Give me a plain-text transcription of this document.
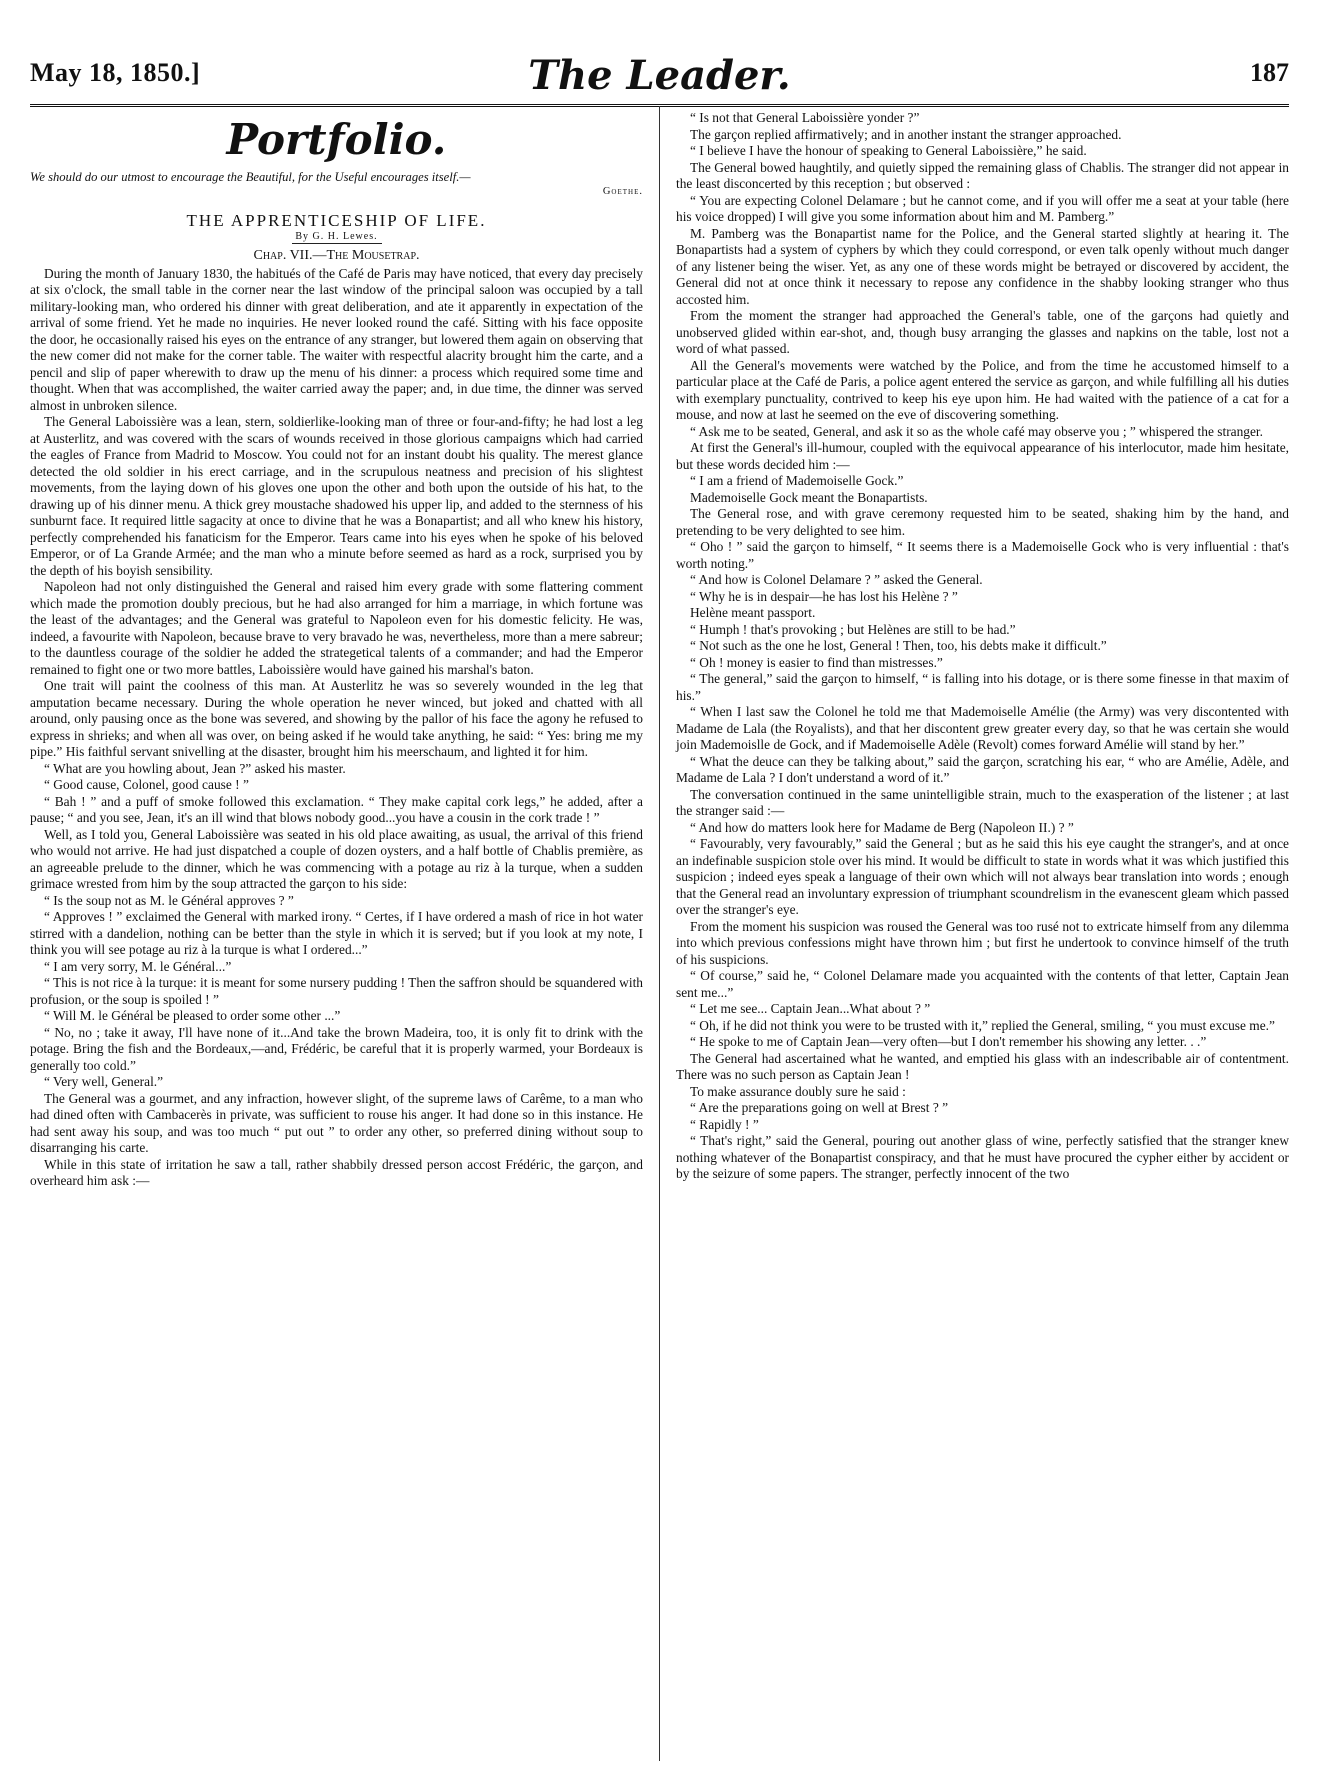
May 18, 1850.]	The Leader.	187
Portfolio.

We should do our utmost to encourage the Beautiful, for the Useful encourages itself.—

Goethe.

THE APPRENTICESHIP OF LIFE.

By G. H. Lewes.

Chap. VII.—The Mousetrap.

During the month of January 1830, the habitués of the Café de Paris may have noticed, that every day precisely at six o'clock, the small table in the corner near the last window of the principal saloon was occupied by a tall military-looking man, who ordered his dinner with great deliberation, and ate it apparently in expectation of the arrival of some friend. Yet he made no inquiries. He never looked round the café. Sitting with his face opposite the door, he occasionally raised his eyes on the entrance of any stranger, but lowered them again on observing that the new comer did not make for the corner table. The waiter with respectful alacrity brought him the carte, and a pencil and slip of paper wherewith to draw up the menu of his dinner: a process which required some time and thought. When that was accomplished, the waiter carried away the paper; and, in due time, the dinner was served almost in unbroken silence.

The General Laboissière was a lean, stern, soldierlike-looking man of three or four-and-fifty; he had lost a leg at Austerlitz, and was covered with the scars of wounds received in those glorious campaigns which had carried the eagles of France from Madrid to Moscow. You could not for an instant doubt his quality. The merest glance detected the old soldier in his erect carriage, and in the scrupulous neatness and precision of his slightest movements, from the laying down of his gloves one upon the other and both upon the outside of his hat, to the drawing up of his dinner menu. A thick grey moustache shadowed his upper lip, and added to the sternness of his sunburnt face. It required little sagacity at once to divine that he was a Bonapartist; and all who knew his history, perfectly comprehended his fanaticism for the Emperor. Tears came into his eyes when he spoke of his beloved Emperor, or of La Grande Armée; and the man who a minute before seemed as hard as a rock, surprised you by the depth of his boyish sensibility.

Napoleon had not only distinguished the General and raised him every grade with some flattering comment which made the promotion doubly precious, but he had also arranged for him a marriage, in which fortune was the least of the advantages; and the General was grateful to Napoleon even for his domestic felicity. He was, indeed, a favourite with Napoleon, because brave to very bravado he was, nevertheless, more than a mere sabreur; to the dauntless courage of the soldier he added the strategetical talents of a commander; and had the Emperor remained to fight one or two more battles, Laboissière would have gained his marshal's baton.

One trait will paint the coolness of this man. At Austerlitz he was so severely wounded in the leg that amputation became necessary. During the whole operation he never winced, but joked and chatted with all around, only pausing once as the bone was severed, and showing by the pallor of his face the agony he refused to express in shrieks; and when all was over, on being asked if he would take anything, he said: “ Yes: bring me my pipe.” His faithful servant snivelling at the disaster, brought him his meerschaum, and lighted it for him.

“ What are you howling about, Jean ?” asked his master.

“ Good cause, Colonel, good cause ! ”

“ Bah ! ” and a puff of smoke followed this exclamation. “ They make capital cork legs,” he added, after a pause; “ and you see, Jean, it's an ill wind that blows nobody good...you have a cousin in the cork trade ! ”

Well, as I told you, General Laboissière was seated in his old place awaiting, as usual, the arrival of this friend who would not arrive. He had just dispatched a couple of dozen oysters, and a half bottle of Chablis première, as an agreeable prelude to the dinner, which he was commencing with a potage au riz à la turque, when a sudden grimace wrested from him by the soup attracted the garçon to his side:

“ Is the soup not as M. le Général approves ? ”

“ Approves ! ” exclaimed the General with marked irony. “ Certes, if I have ordered a mash of rice in hot water stirred with a dandelion, nothing can be better than the style in which it is served; but if you look at my note, I think you will see potage au riz à la turque is what I ordered...”

“ I am very sorry, M. le Général...”

“ This is not rice à la turque: it is meant for some nursery pudding ! Then the saffron should be squandered with profusion, or the soup is spoiled ! ”

“ Will M. le Général be pleased to order some other ...”

“ No, no ; take it away, I'll have none of it...And take the brown Madeira, too, it is only fit to drink with the potage. Bring the fish and the Bordeaux,—and, Frédéric, be careful that it is properly warmed, your Bordeaux is generally too cold.”

“ Very well, General.”

The General was a gourmet, and any infraction, however slight, of the supreme laws of Carême, to a man who had dined often with Cambacerès in private, was sufficient to rouse his anger. It had done so in this instance. He had sent away his soup, and was too much “ put out ” to order any other, so preferred dining without soup to disarranging his carte.

While in this state of irritation he saw a tall, rather shabbily dressed person accost Frédéric, the garçon, and overheard him ask :—

“ Is not that General Laboissière yonder ?”

The garçon replied affirmatively; and in another instant the stranger approached.

“ I believe I have the honour of speaking to General Laboissière,” he said.

The General bowed haughtily, and quietly sipped the remaining glass of Chablis. The stranger did not appear in the least disconcerted by this reception ; but observed :

“ You are expecting Colonel Delamare ; but he cannot come, and if you will offer me a seat at your table (here his voice dropped) I will give you some information about him and M. Pamberg.”

M. Pamberg was the Bonapartist name for the Police, and the General started slightly at hearing it. The Bonapartists had a system of cyphers by which they could correspond, or even talk openly without much danger of any listener being the wiser. Yet, as any one of these words might be betrayed or discovered by accident, the General did not at once think it necessary to repose any confidence in the shabby looking stranger who thus accosted him.

From the moment the stranger had approached the General's table, one of the garçons had quietly and unobserved glided within ear-shot, and, though busy arranging the glasses and napkins on the table, lost not a word of what passed.

All the General's movements were watched by the Police, and from the time he accustomed himself to a particular place at the Café de Paris, a police agent entered the service as garçon, and while fulfilling all his duties with exemplary punctuality, contrived to keep his eye upon him. He had waited with the patience of a cat for a mouse, and now at last he seemed on the eve of discovering something.

“ Ask me to be seated, General, and ask it so as the whole café may observe you ; ” whispered the stranger.

At first the General's ill-humour, coupled with the equivocal appearance of his interlocutor, made him hesitate, but these words decided him :—

“ I am a friend of Mademoiselle Gock.”

Mademoiselle Gock meant the Bonapartists.

The General rose, and with grave ceremony requested him to be seated, shaking him by the hand, and pretending to be very delighted to see him.

“ Oho ! ” said the garçon to himself, “ It seems there is a Mademoiselle Gock who is very influential : that's worth noting.”

“ And how is Colonel Delamare ? ” asked the General.

“ Why he is in despair—he has lost his Helène ? ”

Helène meant passport.

“ Humph ! that's provoking ; but Helènes are still to be had.”

“ Not such as the one he lost, General ! Then, too, his debts make it difficult.”

“ Oh ! money is easier to find than mistresses.”

“ The general,” said the garçon to himself, “ is falling into his dotage, or is there some finesse in that maxim of his.”

“ When I last saw the Colonel he told me that Mademoiselle Amélie (the Army) was very discontented with Madame de Lala (the Royalists), and that her discontent grew greater every day, so that he was certain she would join Mademoislle de Gock, and if Mademoiselle Adèle (Revolt) comes forward Amélie will stand by her.”

“ What the deuce can they be talking about,” said the garçon, scratching his ear, “ who are Amélie, Adèle, and Madame de Lala ? I don't understand a word of it.”

The conversation continued in the same unintelligible strain, much to the exasperation of the listener ; at last the stranger said :—

“ And how do matters look here for Madame de Berg (Napoleon II.) ? ”

“ Favourably, very favourably,” said the General ; but as he said this his eye caught the stranger's, and at once an indefinable suspicion stole over his mind. It would be difficult to state in words what it was which justified this suspicion ; indeed eyes speak a language of their own which will not always bear translation into words ; enough that the General read an involuntary expression of triumphant scoundrelism in the evanescent gleam which passed over the stranger's eye.

From the moment his suspicion was roused the General was too rusé not to extricate himself from any dilemma into which previous confessions might have thrown him ; but first he undertook to convince himself of the truth of his suspicions.

“ Of course,” said he, “ Colonel Delamare made you acquainted with the contents of that letter, Captain Jean sent me...”

“ Let me see... Captain Jean...What about ? ”

“ Oh, if he did not think you were to be trusted with it,” replied the General, smiling, “ you must excuse me.”

“ He spoke to me of Captain Jean—very often—but I don't remember his showing any letter. . .”

The General had ascertained what he wanted, and emptied his glass with an indescribable air of contentment. There was no such person as Captain Jean !

To make assurance doubly sure he said :

“ Are the preparations going on well at Brest ? ”

“ Rapidly ! ”

“ That's right,” said the General, pouring out another glass of wine, perfectly satisfied that the stranger knew nothing whatever of the Bonapartist conspiracy, and that he must have procured the cypher either by accident or by the seizure of some papers. The stranger, perfectly innocent of the two
